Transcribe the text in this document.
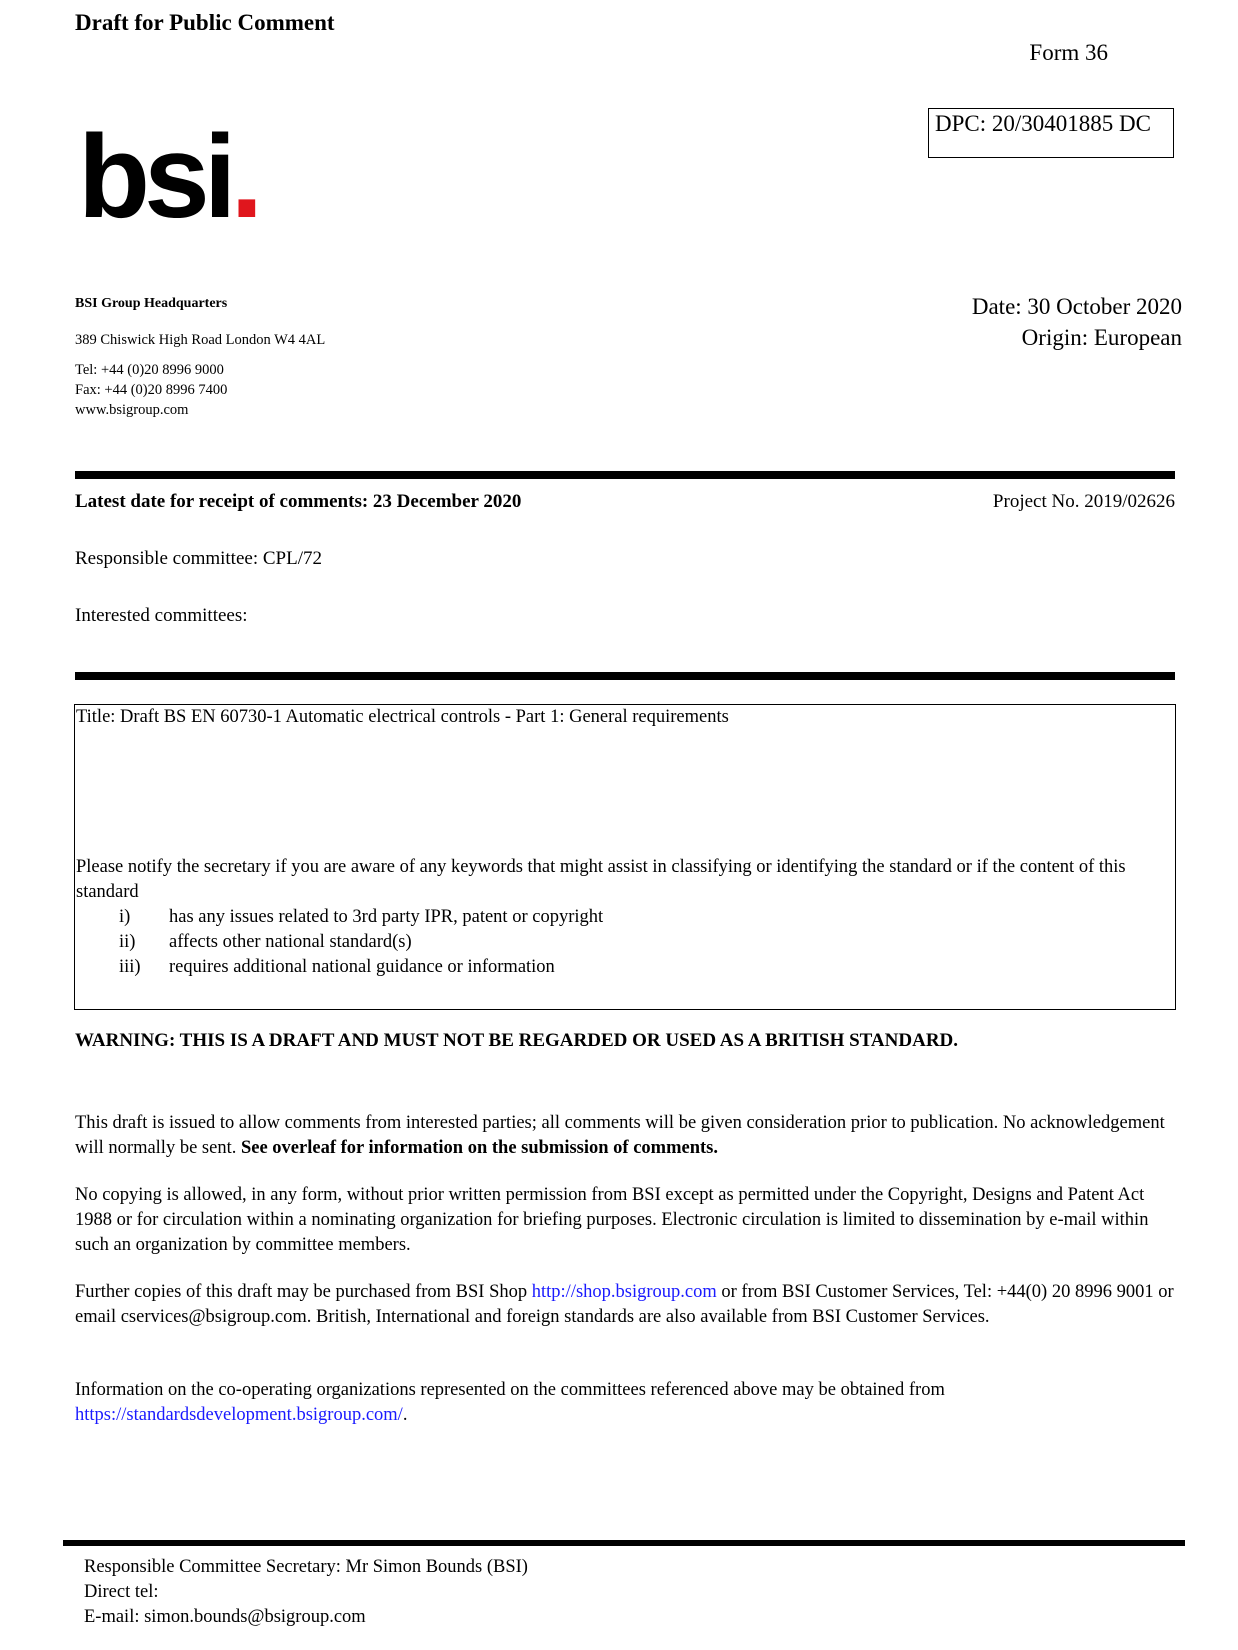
Draft for Public Comment
Form 36
DPC: 20/30401885 DC
bsi.
BSI Group Headquarters
389 Chiswick High Road London W4 4AL
Tel: +44 (0)20 8996 9000
Fax: +44 (0)20 8996 7400
www.bsigroup.com
Date: 30 October 2020
Origin: European
Latest date for receipt of comments: 23 December 2020	Project No. 2019/02626
Responsible committee: CPL/72
Interested committees:
Title: Draft BS EN 60730-1 Automatic electrical controls - Part 1: General requirements
Please notify the secretary if you are aware of any keywords that might assist in classifying or identifying the standard or if the content of this standard
i) has any issues related to 3rd party IPR, patent or copyright
ii) affects other national standard(s)
iii) requires additional national guidance or information
WARNING: THIS IS A DRAFT AND MUST NOT BE REGARDED OR USED AS A BRITISH STANDARD.
This draft is issued to allow comments from interested parties; all comments will be given consideration prior to publication. No acknowledgement will normally be sent. See overleaf for information on the submission of comments.
No copying is allowed, in any form, without prior written permission from BSI except as permitted under the Copyright, Designs and Patent Act 1988 or for circulation within a nominating organization for briefing purposes. Electronic circulation is limited to dissemination by e-mail within such an organization by committee members.
Further copies of this draft may be purchased from BSI Shop http://shop.bsigroup.com or from BSI Customer Services, Tel: +44(0) 20 8996 9001 or email cservices@bsigroup.com. British, International and foreign standards are also available from BSI Customer Services.
Information on the co-operating organizations represented on the committees referenced above may be obtained from https://standardsdevelopment.bsigroup.com/.
Responsible Committee Secretary: Mr Simon Bounds (BSI)
Direct tel:
E-mail: simon.bounds@bsigroup.com
